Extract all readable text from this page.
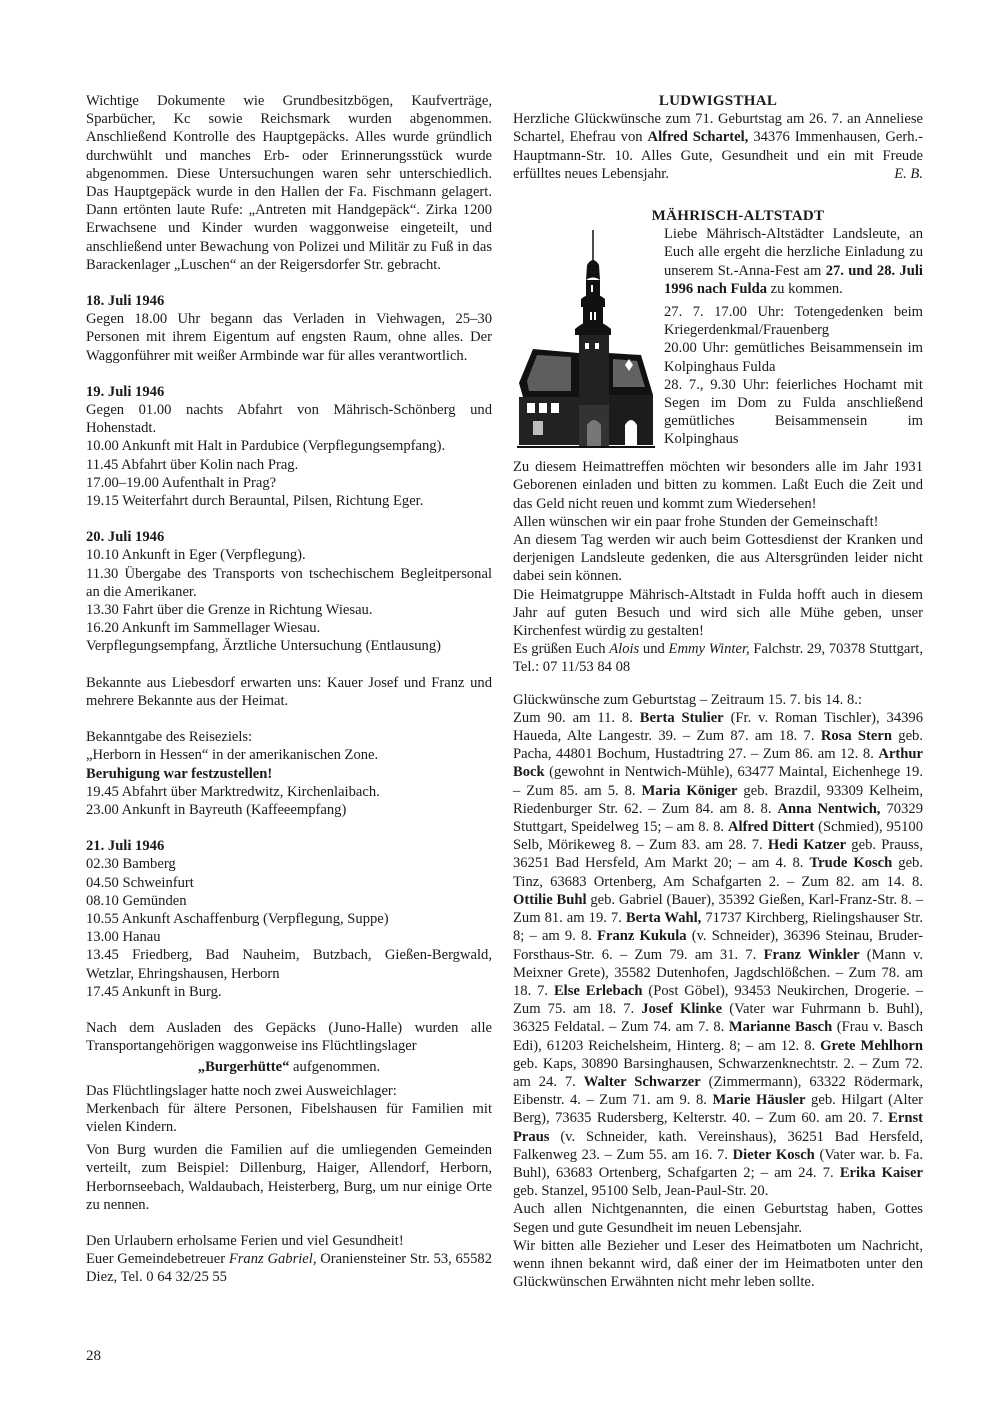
Wichtige Dokumente wie Grundbesitzbögen, Kaufverträge, Sparbücher, Kc sowie Reichsmark wurden abgenommen. Anschließend Kontrolle des Hauptgepäcks. Alles wurde gründlich durchwühlt und manches Erb- oder Erinnerungsstück wurde abgenommen. Diese Untersuchungen waren sehr unterschiedlich. Das Hauptgepäck wurde in den Hallen der Fa. Fischmann gelagert. Dann ertönten laute Rufe: „Antreten mit Handgepäck“. Zirka 1200 Erwachsene und Kinder wurden waggonweise eingeteilt, und anschließend unter Bewachung von Polizei und Militär zu Fuß in das Barackenlager „Luschen“ an der Reigersdorfer Str. gebracht.

18. Juli 1946

Gegen 18.00 Uhr begann das Verladen in Viehwagen, 25–30 Personen mit ihrem Eigentum auf engsten Raum, ohne alles. Der Waggonführer mit weißer Armbinde war für alles verantwortlich.

19. Juli 1946

Gegen 01.00 nachts Abfahrt von Mährisch-Schönberg und Hohenstadt.

10.00 Ankunft mit Halt in Pardubice (Verpflegungsempfang).

11.45 Abfahrt über Kolin nach Prag.

17.00–19.00 Aufenthalt in Prag?

19.15 Weiterfahrt durch Berauntal, Pilsen, Richtung Eger.

20. Juli 1946

10.10 Ankunft in Eger (Verpflegung).

11.30 Übergabe des Transports von tschechischem Begleitpersonal an die Amerikaner.

13.30 Fahrt über die Grenze in Richtung Wiesau.

16.20 Ankunft im Sammellager Wiesau.

Verpflegungsempfang, Ärztliche Untersuchung (Entlausung)

Bekannte aus Liebesdorf erwarten uns: Kauer Josef und Franz und mehrere Bekannte aus der Heimat.

Bekanntgabe des Reiseziels:

„Herborn in Hessen“ in der amerikanischen Zone.

Beruhigung war festzustellen!

19.45 Abfahrt über Marktredwitz, Kirchenlaibach.

23.00 Ankunft in Bayreuth (Kaffeeempfang)

21. Juli 1946

02.30 Bamberg

04.50 Schweinfurt

08.10 Gemünden

10.55 Ankunft Aschaffenburg (Verpflegung, Suppe)

13.00 Hanau

13.45 Friedberg, Bad Nauheim, Butzbach, Gießen-Bergwald, Wetzlar, Ehringshausen, Herborn

17.45 Ankunft in Burg.

Nach dem Ausladen des Gepäcks (Juno-Halle) wurden alle Transportangehörigen waggonweise ins Flüchtlingslager

„Burgerhütte“ aufgenommen.

Das Flüchtlingslager hatte noch zwei Ausweichlager:

Merkenbach für ältere Personen, Fibelshausen für Familien mit vielen Kindern.

Von Burg wurden die Familien auf die umliegenden Gemeinden verteilt, zum Beispiel: Dillenburg, Haiger, Allendorf, Herborn, Herbornseebach, Waldaubach, Heisterberg, Burg, um nur einige Orte zu nennen.

Den Urlaubern erholsame Ferien und viel Gesundheit!

Euer Gemeindebetreuer Franz Gabriel, Oraniensteiner Str. 53, 65582 Diez, Tel. 0 64 32/25 55

LUDWIGSTHAL

Herzliche Glückwünsche zum 71. Geburtstag am 26. 7. an Anneliese Schartel, Ehefrau von Alfred Schartel, 34376 Immenhausen, Gerh.-Hauptmann-Str. 10. Alles Gute, Gesundheit und ein mit Freude erfülltes neues Lebensjahr.	E. B.

MÄHRISCH-ALTSTADT

Liebe Mährisch-Altstädter Landsleute, an Euch alle ergeht die herzliche Einladung zu unserem St.-Anna-Fest am 27. und 28. Juli 1996 nach Fulda zu kommen.

27. 7. 17.00 Uhr: Totengedenken beim Kriegerdenkmal/Frauenberg

20.00 Uhr: gemütliches Beisammensein im Kolpinghaus Fulda

28. 7., 9.30 Uhr: feierliches Hochamt mit Segen im Dom zu Fulda anschließend gemütliches Beisammensein im Kolpinghaus

Zu diesem Heimattreffen möchten wir besonders alle im Jahr 1931 Geborenen einladen und bitten zu kommen. Laßt Euch die Zeit und das Geld nicht reuen und kommt zum Wiedersehen!

Allen wünschen wir ein paar frohe Stunden der Gemeinschaft!

An diesem Tag werden wir auch beim Gottesdienst der Kranken und derjenigen Landsleute gedenken, die aus Altersgründen leider nicht dabei sein können.

Die Heimatgruppe Mährisch-Altstadt in Fulda hofft auch in diesem Jahr auf guten Besuch und wird sich alle Mühe geben, unser Kirchenfest würdig zu gestalten!

Es grüßen Euch Alois und Emmy Winter, Falchstr. 29, 70378 Stuttgart, Tel.: 07 11/53 84 08

Glückwünsche zum Geburtstag – Zeitraum 15. 7. bis 14. 8.:

Zum 90. am 11. 8. Berta Stulier (Fr. v. Roman Tischler), 34396 Haueda, Alte Langestr. 39. – Zum 87. am 18. 7. Rosa Stern geb. Pacha, 44801 Bochum, Hustadtring 27. – Zum 86. am 12. 8. Arthur Bock (gewohnt in Nentwich-Mühle), 63477 Maintal, Eichenhege 19. – Zum 85. am 5. 8. Maria Königer geb. Brazdil, 93309 Kelheim, Riedenburger Str. 62. – Zum 84. am 8. 8. Anna Nentwich, 70329 Stuttgart, Speidelweg 15; – am 8. 8. Alfred Dittert (Schmied), 95100 Selb, Mörikeweg 8. – Zum 83. am 28. 7. Hedi Katzer geb. Prauss, 36251 Bad Hersfeld, Am Markt 20; – am 4. 8. Trude Kosch geb. Tinz, 63683 Ortenberg, Am Schafgarten 2. – Zum 82. am 14. 8. Ottilie Buhl geb. Gabriel (Bauer), 35392 Gießen, Karl-Franz-Str. 8. – Zum 81. am 19. 7. Berta Wahl, 71737 Kirchberg, Rielingshauser Str. 8; – am 9. 8. Franz Kukula (v. Schneider), 36396 Steinau, Bruder-Forsthaus-Str. 6. – Zum 79. am 31. 7. Franz Winkler (Mann v. Meixner Grete), 35582 Dutenhofen, Jagdschlößchen. – Zum 78. am 18. 7. Else Erlebach (Post Göbel), 93453 Neukirchen, Drogerie. – Zum 75. am 18. 7. Josef Klinke (Vater war Fuhrmann b. Buhl), 36325 Feldatal. – Zum 74. am 7. 8. Marianne Basch (Frau v. Basch Edi), 61203 Reichelsheim, Hinterg. 8; – am 12. 8. Grete Mehlhorn geb. Kaps, 30890 Barsinghausen, Schwarzenknechtstr. 2. – Zum 72. am 24. 7. Walter Schwarzer (Zimmermann), 63322 Rödermark, Eibenstr. 4. – Zum 71. am 9. 8. Marie Häusler geb. Hilgart (Alter Berg), 73635 Rudersberg, Kelterstr. 40. – Zum 60. am 20. 7. Ernst Praus (v. Schneider, kath. Vereinshaus), 36251 Bad Hersfeld, Falkenweg 23. – Zum 55. am 16. 7. Dieter Kosch (Vater war. b. Fa. Buhl), 63683 Ortenberg, Schafgarten 2; – am 24. 7. Erika Kaiser geb. Stanzel, 95100 Selb, Jean-Paul-Str. 20.

Auch allen Nichtgenannten, die einen Geburtstag haben, Gottes Segen und gute Gesundheit im neuen Lebensjahr.

Wir bitten alle Bezieher und Leser des Heimatboten um Nachricht, wenn ihnen bekannt wird, daß einer der im Heimatboten unter den Glückwünschen Erwähnten nicht mehr leben sollte.

28
